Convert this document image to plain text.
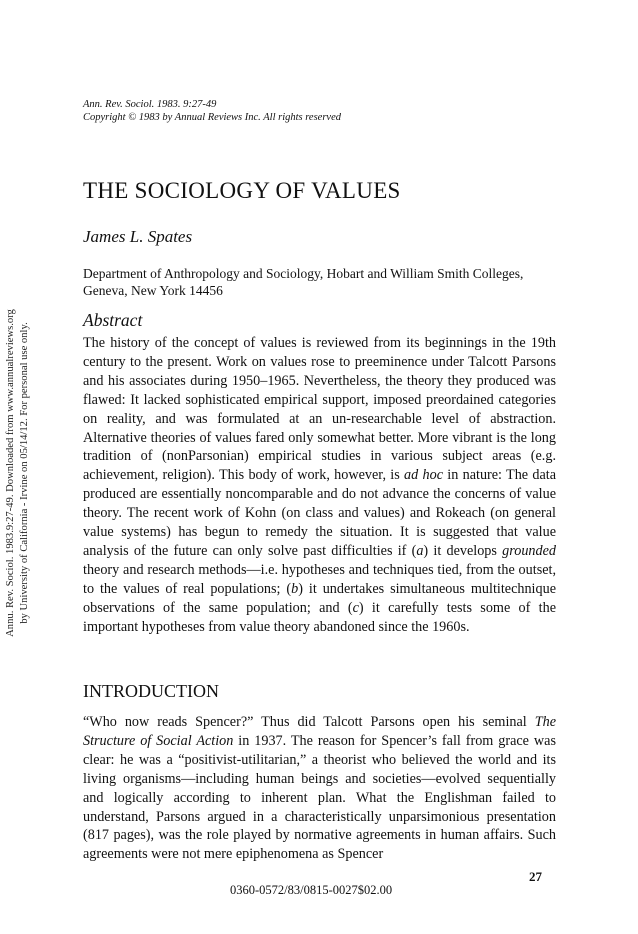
Annu. Rev. Sociol. 1983.9:27-49. Downloaded from www.annualreviews.org by University of California - Irvine on 05/14/12. For personal use only.
Ann. Rev. Sociol. 1983. 9:27-49
Copyright © 1983 by Annual Reviews Inc. All rights reserved
THE SOCIOLOGY OF VALUES
James L. Spates
Department of Anthropology and Sociology, Hobart and William Smith Colleges, Geneva, New York 14456
Abstract

The history of the concept of values is reviewed from its beginnings in the 19th century to the present. Work on values rose to preeminence under Talcott Parsons and his associates during 1950–1965. Nevertheless, the theory they produced was flawed: It lacked sophisticated empirical support, imposed preordained categories on reality, and was formulated at an un-researchable level of abstraction. Alternative theories of values fared only somewhat better. More vibrant is the long tradition of (nonParsonian) empirical studies in various subject areas (e.g. achievement, religion). This body of work, however, is ad hoc in nature: The data produced are essentially noncomparable and do not advance the concerns of value theory. The recent work of Kohn (on class and values) and Rokeach (on general value systems) has begun to remedy the situation. It is suggested that value analysis of the future can only solve past difficulties if (a) it develops grounded theory and research methods—i.e. hypotheses and techniques tied, from the outset, to the values of real populations; (b) it undertakes simultaneous multitechnique observations of the same population; and (c) it carefully tests some of the important hypotheses from value theory abandoned since the 1960s.

INTRODUCTION

“Who now reads Spencer?” Thus did Talcott Parsons open his seminal The Structure of Social Action in 1937. The reason for Spencer’s fall from grace was clear: he was a “positivist-utilitarian,” a theorist who believed the world and its living organisms—including human beings and societies—evolved sequentially and logically according to inherent plan. What the Englishman failed to understand, Parsons argued in a characteristically unparsimonious presentation (817 pages), was the role played by normative agreements in human affairs. Such agreements were not mere epiphenomena as Spencer

27
0360-0572/83/0815-0027$02.00
